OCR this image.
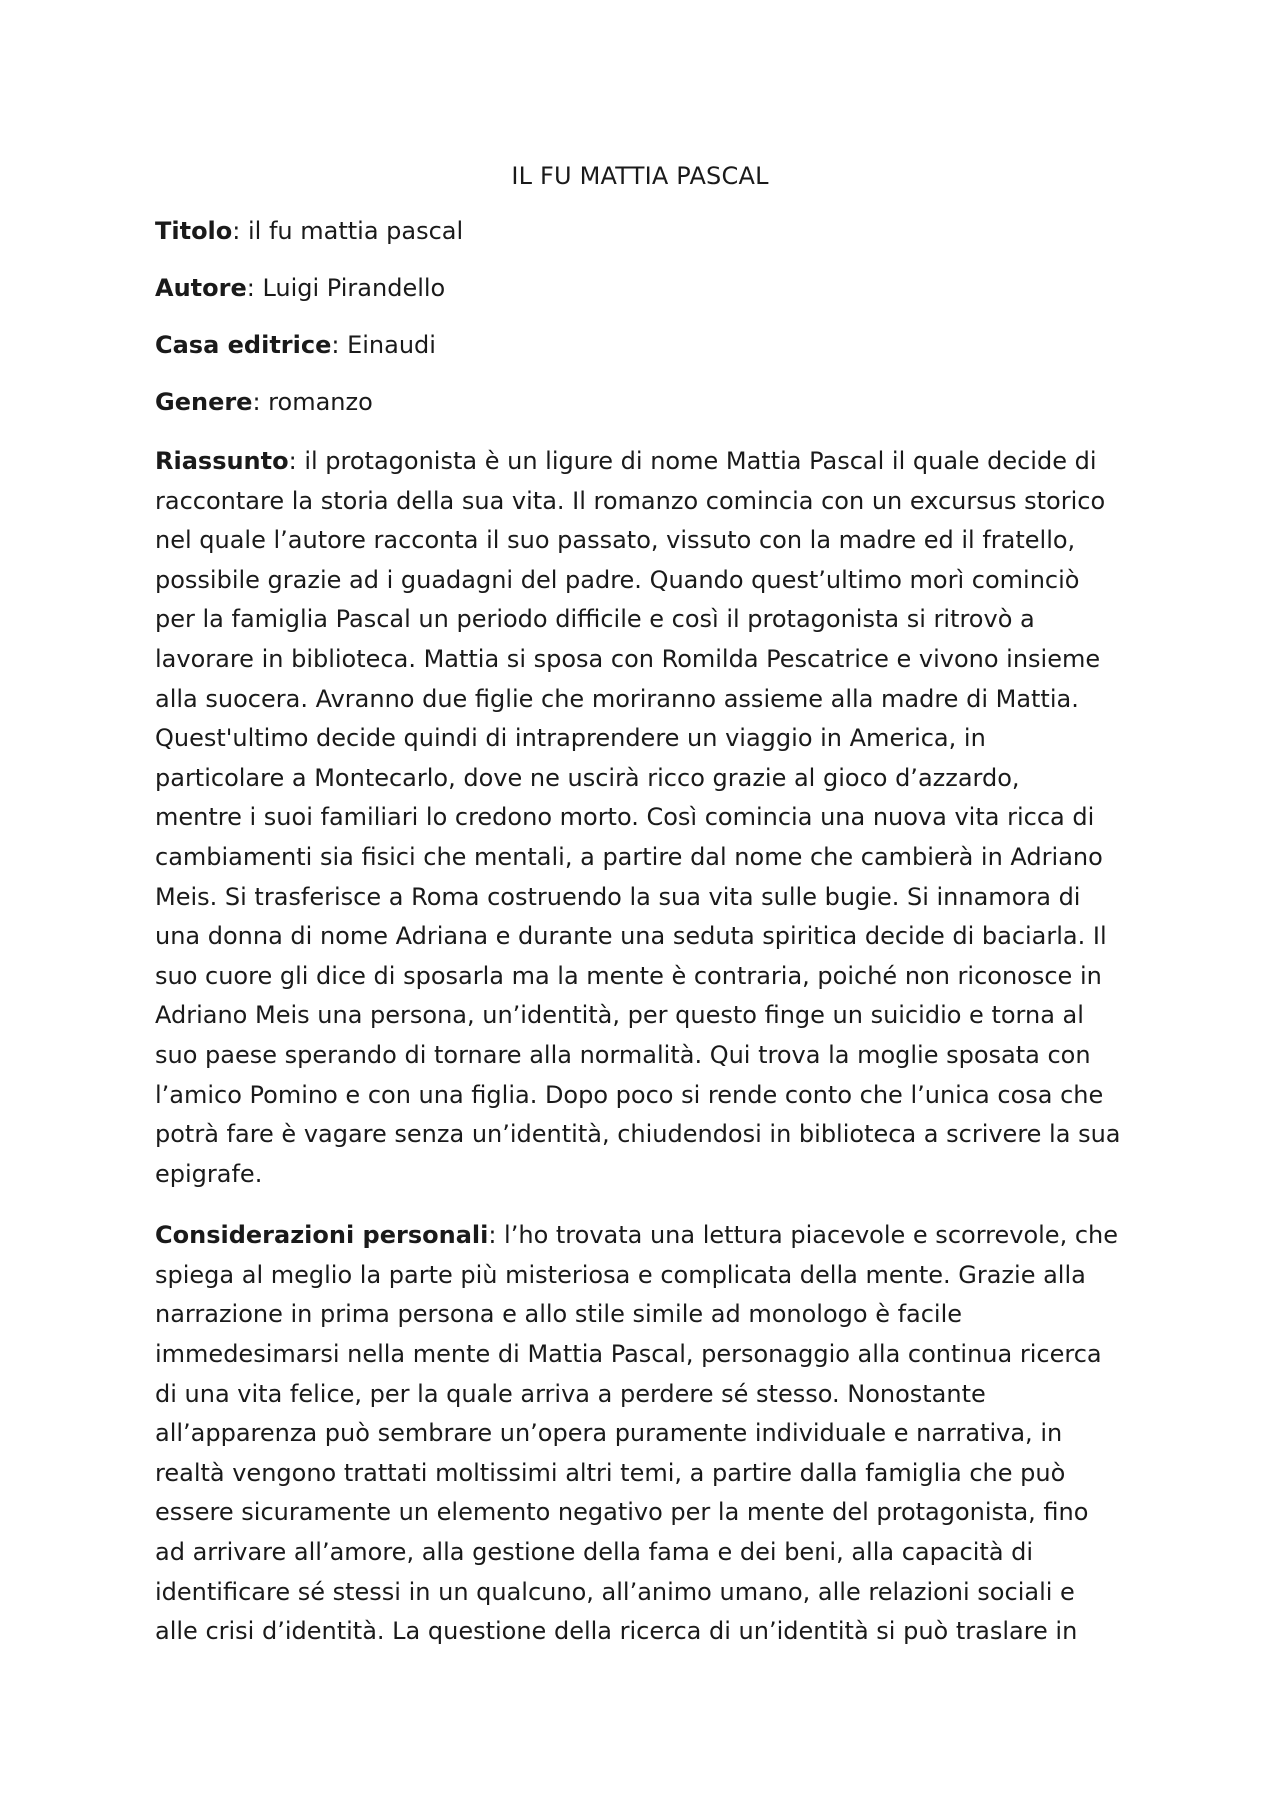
IL FU MATTIA PASCAL

Titolo: il fu mattia pascal

Autore: Luigi Pirandello

Casa editrice: Einaudi

Genere: romanzo

Riassunto: il protagonista è un ligure di nome Mattia Pascal il quale decide di
raccontare la storia della sua vita. Il romanzo comincia con un excursus storico
nel quale l’autore racconta il suo passato, vissuto con la madre ed il fratello,
possibile grazie ad i guadagni del padre. Quando quest’ultimo morì cominciò
per la famiglia Pascal un periodo difficile e così il protagonista si ritrovò a
lavorare in biblioteca. Mattia si sposa con Romilda Pescatrice e vivono insieme
alla suocera. Avranno due figlie che moriranno assieme alla madre di Mattia.
Quest'ultimo decide quindi di intraprendere un viaggio in America, in
particolare a Montecarlo, dove ne uscirà ricco grazie al gioco d’azzardo,
mentre i suoi familiari lo credono morto. Così comincia una nuova vita ricca di
cambiamenti sia fisici che mentali, a partire dal nome che cambierà in Adriano
Meis. Si trasferisce a Roma costruendo la sua vita sulle bugie. Si innamora di
una donna di nome Adriana e durante una seduta spiritica decide di baciarla. Il
suo cuore gli dice di sposarla ma la mente è contraria, poiché non riconosce in
Adriano Meis una persona, un’identità, per questo finge un suicidio e torna al
suo paese sperando di tornare alla normalità. Qui trova la moglie sposata con
l’amico Pomino e con una figlia. Dopo poco si rende conto che l’unica cosa che
potrà fare è vagare senza un’identità, chiudendosi in biblioteca a scrivere la sua
epigrafe.

Considerazioni personali: l’ho trovata una lettura piacevole e scorrevole, che
spiega al meglio la parte più misteriosa e complicata della mente. Grazie alla
narrazione in prima persona e allo stile simile ad monologo è facile
immedesimarsi nella mente di Mattia Pascal, personaggio alla continua ricerca
di una vita felice, per la quale arriva a perdere sé stesso. Nonostante
all’apparenza può sembrare un’opera puramente individuale e narrativa, in
realtà vengono trattati moltissimi altri temi, a partire dalla famiglia che può
essere sicuramente un elemento negativo per la mente del protagonista, fino
ad arrivare all’amore, alla gestione della fama e dei beni, alla capacità di
identificare sé stessi in un qualcuno, all’animo umano, alle relazioni sociali e
alle crisi d’identità. La questione della ricerca di un’identità si può traslare in
